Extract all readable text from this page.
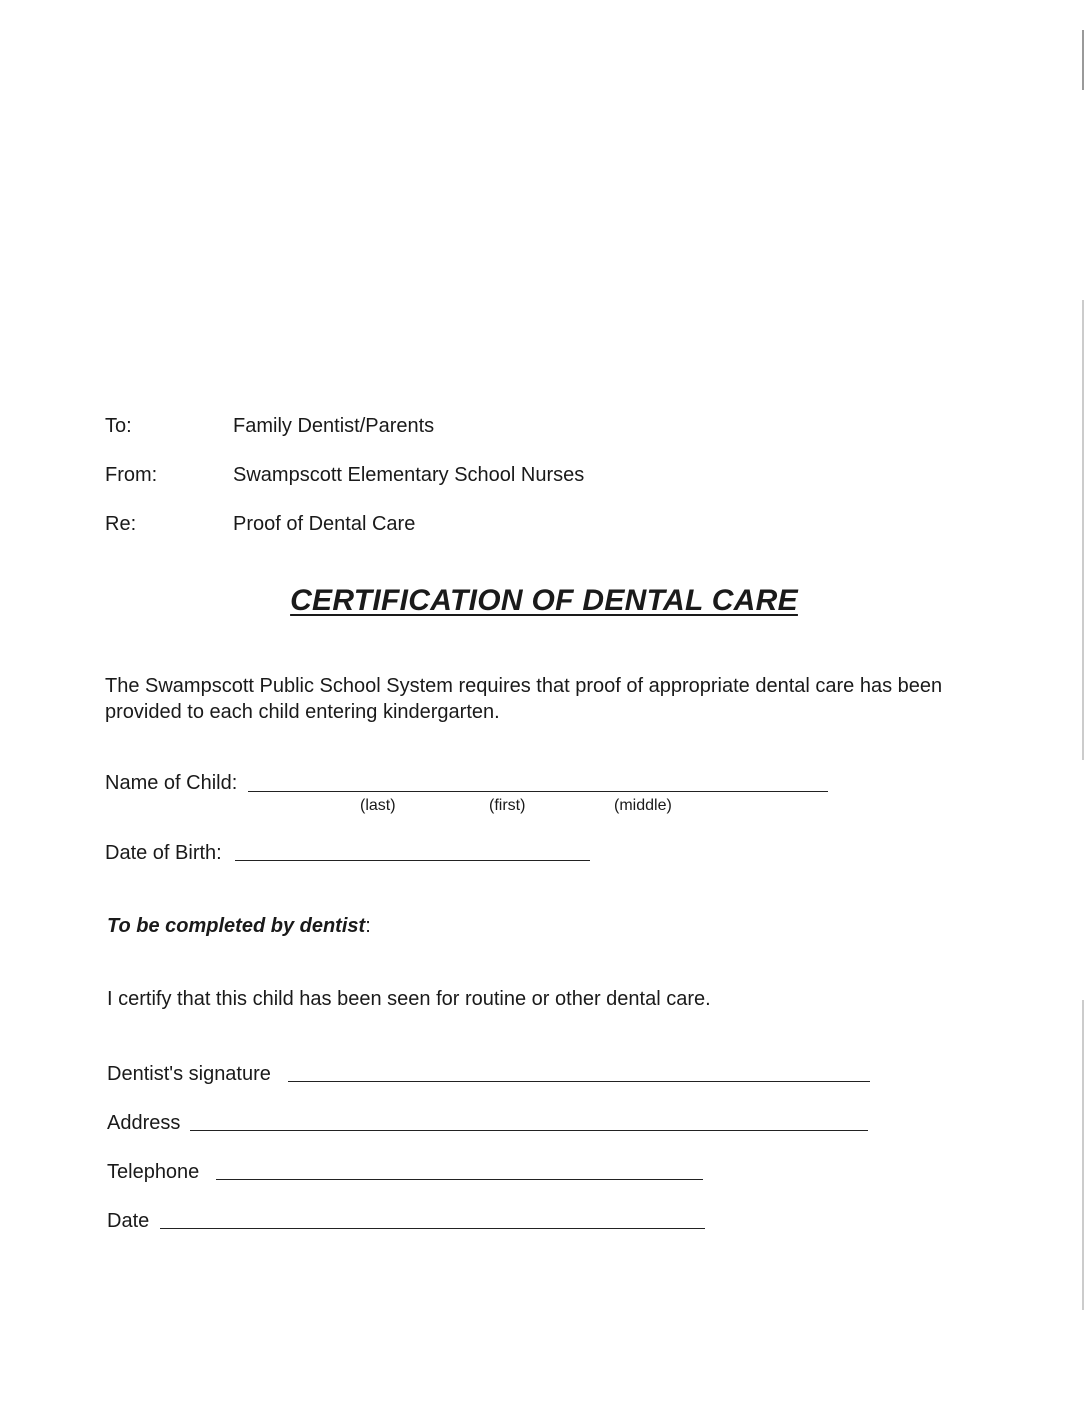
To:	Family Dentist/Parents
From:	Swampscott Elementary School Nurses
Re:	Proof of Dental Care
CERTIFICATION OF DENTAL CARE
The Swampscott Public School System requires that proof of appropriate dental care has been
provided to each child entering kindergarten.
Name of Child:
(last)	(first)	(middle)
Date of Birth:
To be completed by dentist:
I certify that this child has been seen for routine or other dental care.
Dentist's signature
Address
Telephone
Date
